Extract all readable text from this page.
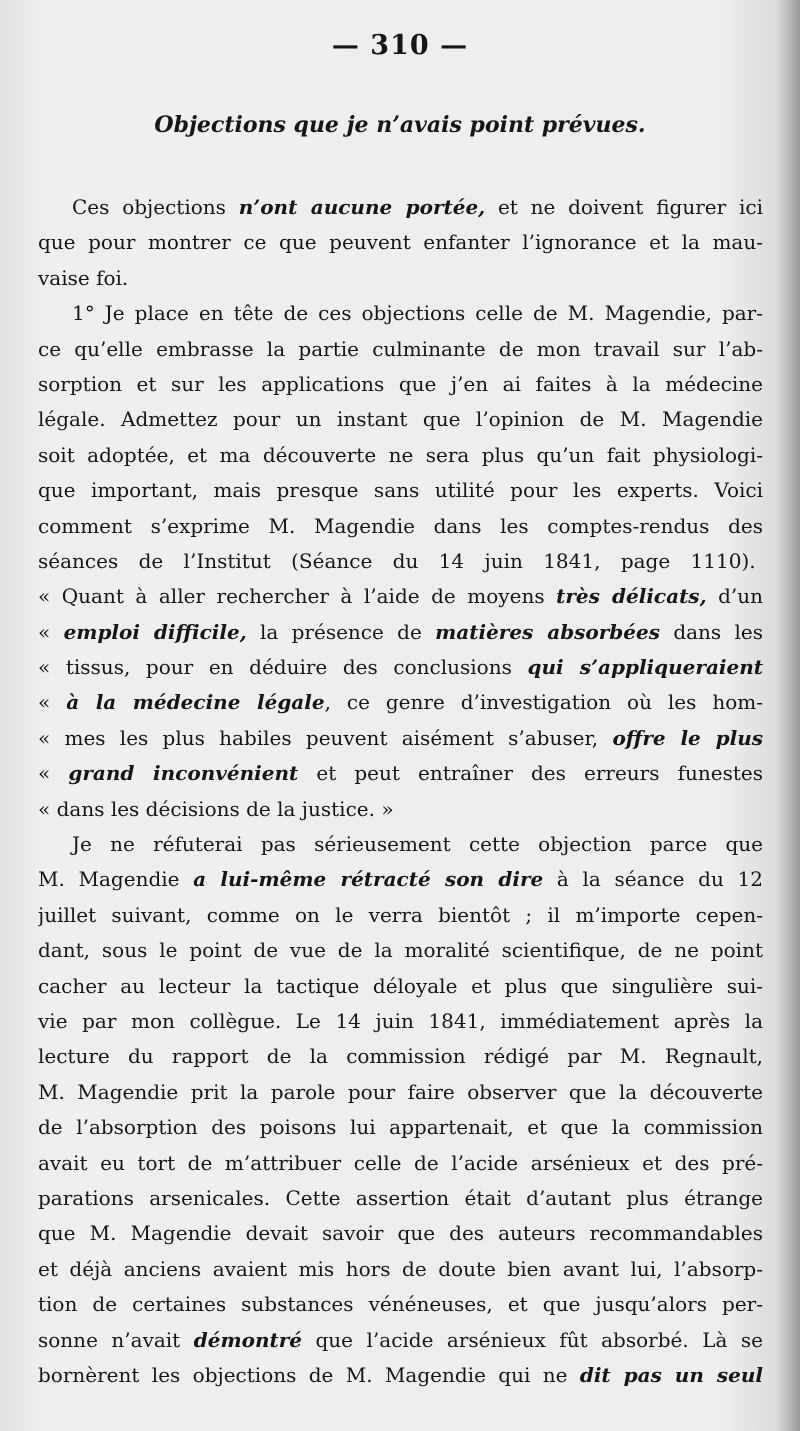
— 310 —
Objections que je n’avais point prévues.
Ces objections n’ont aucune portée, et ne doivent figurer ici
que pour montrer ce que peuvent enfanter l’ignorance et la mau-
vaise foi.
1° Je place en tête de ces objections celle de M. Magendie, par-
ce qu’elle embrasse la partie culminante de mon travail sur l’ab-
sorption et sur les applications que j’en ai faites à la médecine
légale. Admettez pour un instant que l’opinion de M. Magendie
soit adoptée, et ma découverte ne sera plus qu’un fait physiologi-
que important, mais presque sans utilité pour les experts. Voici
comment s’exprime M. Magendie dans les comptes-rendus des
séances de l’Institut (Séance du 14 juin 1841, page 1110).
« Quant à aller rechercher à l’aide de moyens très délicats, d’un
« emploi difficile, la présence de matières absorbées dans les
« tissus, pour en déduire des conclusions qui s’appliqueraient
« à la médecine légale, ce genre d’investigation où les hom-
« mes les plus habiles peuvent aisément s’abuser, offre le plus
« grand inconvénient et peut entraîner des erreurs funestes
« dans les décisions de la justice. »
Je ne réfuterai pas sérieusement cette objection parce que
M. Magendie a lui-même rétracté son dire à la séance du 12
juillet suivant, comme on le verra bientôt ; il m’importe cepen-
dant, sous le point de vue de la moralité scientifique, de ne point
cacher au lecteur la tactique déloyale et plus que singulière sui-
vie par mon collègue. Le 14 juin 1841, immédiatement après la
lecture du rapport de la commission rédigé par M. Regnault,
M. Magendie prit la parole pour faire observer que la découverte
de l’absorption des poisons lui appartenait, et que la commission
avait eu tort de m’attribuer celle de l’acide arsénieux et des pré-
parations arsenicales. Cette assertion était d’autant plus étrange
que M. Magendie devait savoir que des auteurs recommandables
et déjà anciens avaient mis hors de doute bien avant lui, l’absorp-
tion de certaines substances vénéneuses, et que jusqu’alors per-
sonne n’avait démontré que l’acide arsénieux fût absorbé. Là se
bornèrent les objections de M. Magendie qui ne dit pas un seul
